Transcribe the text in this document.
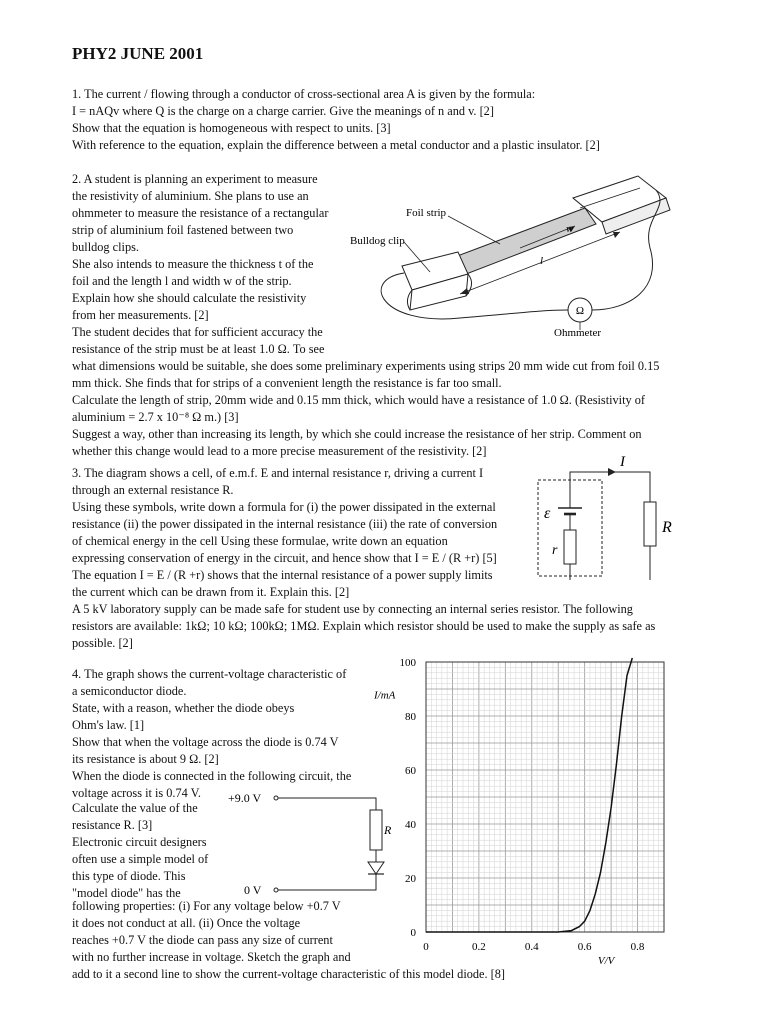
PHY2 JUNE 2001
1. The current / flowing through a conductor of cross-sectional area A is given by the formula:
I = nAQv where Q is the charge on a charge carrier. Give the meanings of n and v. [2]
Show that the equation is homogeneous with respect to units. [3]
With reference to the equation, explain the difference between a metal conductor and a plastic insulator. [2]
2. A student is planning an experiment to measure
the resistivity of aluminium. She plans to use an
ohmmeter to measure the resistance of a rectangular
strip of aluminium foil fastened between two
bulldog clips.
She also intends to measure the thickness t of the
foil and the length l and width w of the strip.
Explain how she should calculate the resistivity
from her measurements. [2]
The student decides that for sufficient accuracy the
resistance of the strip must be at least 1.0 Ω. To see
what dimensions would be suitable, she does some preliminary experiments using strips 20 mm wide cut from foil 0.15
mm thick. She finds that for strips of a convenient length the resistance is far too small.
Calculate the length of strip, 20mm wide and 0.15 mm thick, which would have a resistance of 1.0 Ω. (Resistivity of
aluminium = 2.7 x 10⁻⁸ Ω m.) [3]
Suggest a way, other than increasing its length, by which she could increase the resistance of her strip. Comment on
whether this change would lead to a more precise measurement of the resistivity. [2]
Ω
Foil strip
Bulldog clip
w
l
Ohmmeter
3. The diagram shows a cell, of e.m.f. E and internal resistance r, driving a current I
through an external resistance R.
Using these symbols, write down a formula for (i) the power dissipated in the external
resistance (ii) the power dissipated in the internal resistance (iii) the rate of conversion
of chemical energy in the cell Using these formulae, write down an equation
expressing conservation of energy in the circuit, and hence show that I = E / (R +r) [5]
The equation I = E / (R +r) shows that the internal resistance of a power supply limits
the current which can be drawn from it. Explain this. [2]
A 5 kV laboratory supply can be made safe for student use by connecting an internal series resistor. The following
resistors are available: 1kΩ; 10 kΩ; 100kΩ; 1MΩ. Explain which resistor should be used to make the supply as safe as
possible. [2]
I
ε
r
R
4. The graph shows the current-voltage characteristic of
a semiconductor diode.
State, with a reason, whether the diode obeys
Ohm's law. [1]
Show that when the voltage across the diode is 0.74 V
its resistance is about 9 Ω. [2]
When the diode is connected in the following circuit, the
voltage across it is 0.74 V.
Calculate the value of the
resistance R. [3]
Electronic circuit designers
often use a simple model of
this type of diode. This
"model diode" has the
following properties: (i) For any voltage below +0.7 V
it does not conduct at all. (ii) Once the voltage
reaches +0.7 V the diode can pass any size of current
with no further increase in voltage. Sketch the graph and
add to it a second line to show the current-voltage characteristic of this model diode. [8]
+9.0 V
0 V
R
0	0.2	0.4	0.6	0.8
0
20
40
60
80
100
I/mA
V/V
